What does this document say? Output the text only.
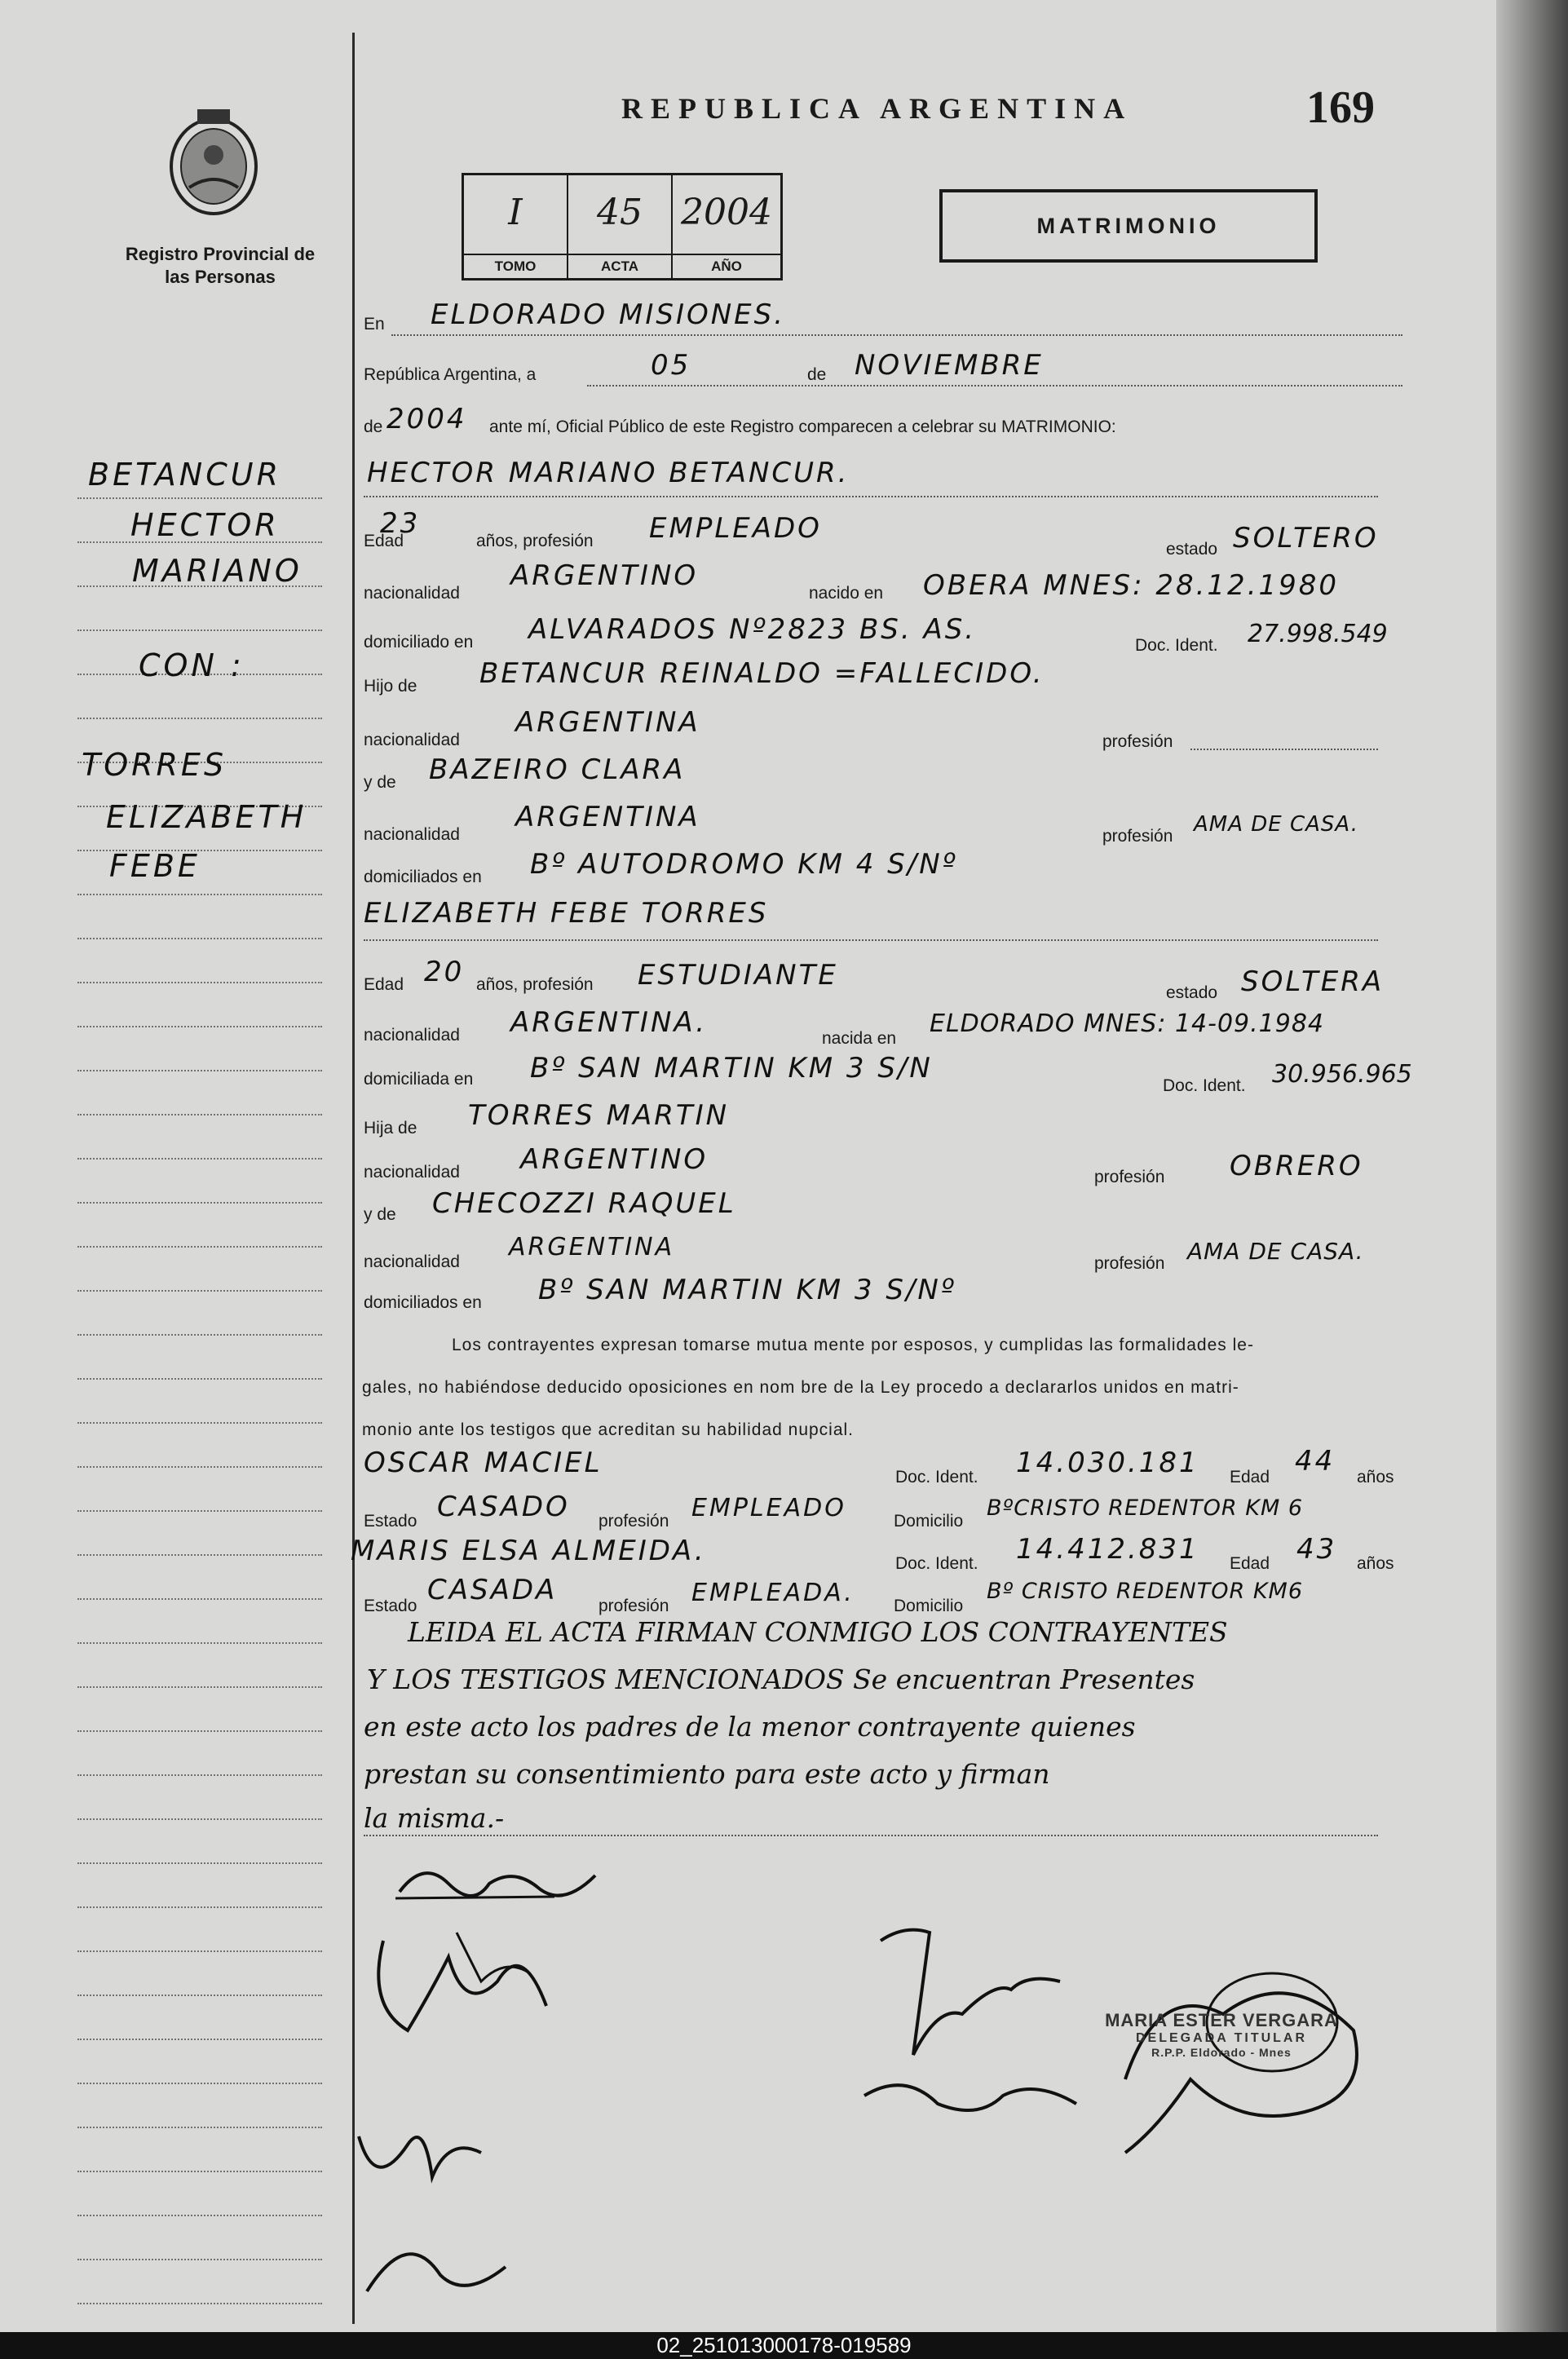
Registro Provincial de las Personas
REPUBLICA ARGENTINA	169
I
TOMO
45
ACTA
2004
AÑO
MATRIMONIO
BETANCUR
HECTOR
MARIANO
CON :
TORRES
ELIZABETH
FEBE
En ELDORADO MISIONES.
República Argentina, a	05	de NOVIEMBRE
de 2004 ante mí, Oficial Público de este Registro comparecen a celebrar su MATRIMONIO:
HECTOR MARIANO BETANCUR.
Edad
23
años, profesión EMPLEADO
estado SOLTERO
nacionalidad
ARGENTINO
nacido en OBERA MNES: 28.12.1980
domiciliado en ALVARADOS Nº2823 BS. AS.	Doc. Ident. 27.998.549
Hijo de BETANCUR REINALDO =FALLECIDO.
nacionalidad
ARGENTINA
profesión
y de BAZEIRO CLARA
nacionalidad
ARGENTINA
profesión AMA DE CASA.
domiciliados en Bº AUTODROMO KM 4 S/Nº
ELIZABETH FEBE TORRES
Edad 20 años, profesión ESTUDIANTE
estado SOLTERA
nacionalidad ARGENTINA.	nacida en
ELDORADO MNES: 14-09.1984
domiciliada en Bº SAN MARTIN KM 3 S/N
Doc. Ident. 30.956.965
Hija de TORRES MARTIN
nacionalidad ARGENTINO
profesión OBRERO
y de CHECOZZI RAQUEL
nacionalidad
ARGENTINA
profesión AMA DE CASA.
domiciliados en Bº SAN MARTIN KM 3 S/Nº
Los contrayentes expresan tomarse mutua mente por esposos, y cumplidas las formalidades le-
gales, no habiéndose deducido oposiciones en nom bre de la Ley procedo a declararlos unidos en matri-
monio ante los testigos que acreditan su habilidad nupcial.
OSCAR MACIEL	Doc. Ident. 14.030.181 Edad 44 años
Estado CASADO profesión EMPLEADO	Domicilio
BºCRISTO REDENTOR KM 6
MARIS ELSA ALMEIDA.	Doc. Ident. 14.412.831 Edad 43 años
Estado CASADA profesión EMPLEADA. Domicilio
Bº CRISTO REDENTOR KM6
LEIDA EL ACTA FIRMAN CONMIGO LOS CONTRAYENTES
Y LOS TESTIGOS MENCIONADOS Se encuentran Presentes
en este acto los padres de la menor contrayente quienes
prestan su consentimiento para este acto y firman
la misma.-
MARIA ESTER VERGARA
DELEGADA TITULAR
R.P.P. Eldorado - Mnes
02_251013000178-019589
